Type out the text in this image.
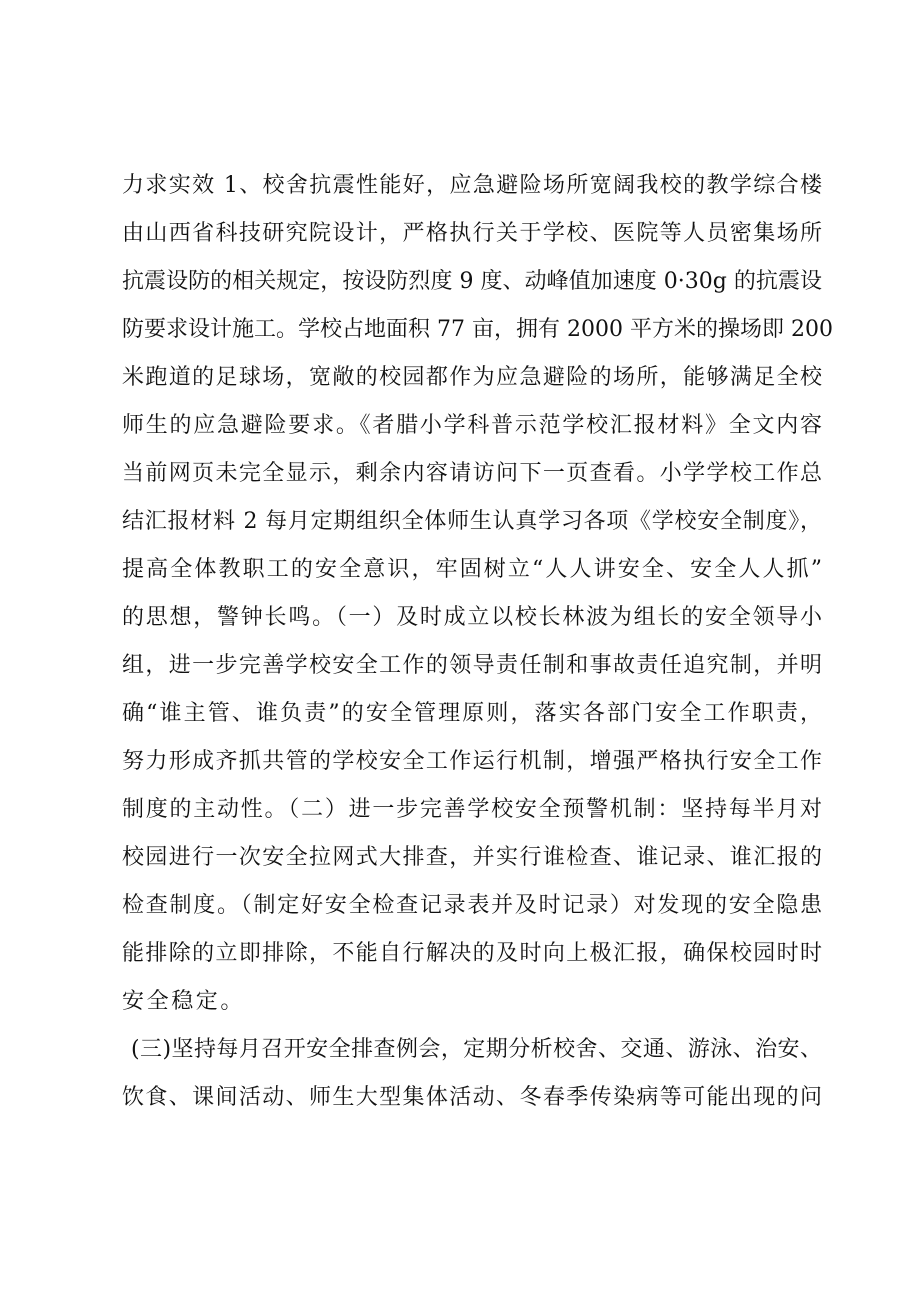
力求实效 1、校舍抗震性能好，应急避险场所宽阔我校的教学综合楼
由山西省科技研究院设计，严格执行关于学校、医院等人员密集场所
抗震设防的相关规定，按设防烈度 9 度、动峰值加速度 0·30g 的抗震设
防要求设计施工。学校占地面积 77 亩，拥有 2000 平方米的操场即 200
米跑道的足球场，宽敞的校园都作为应急避险的场所，能够满足全校
师生的应急避险要求。《者腊小学科普示范学校汇报材料》全文内容
当前网页未完全显示，剩余内容请访问下一页查看。小学学校工作总
结汇报材料 2 每月定期组织全体师生认真学习各项《学校安全制度》，
提高全体教职工的安全意识，牢固树立“人人讲安全、安全人人抓”
的思想，警钟长鸣。（一）及时成立以校长林波为组长的安全领导小
组，进一步完善学校安全工作的领导责任制和事故责任追究制，并明
确“谁主管、谁负责”的安全管理原则，落实各部门安全工作职责，
努力形成齐抓共管的学校安全工作运行机制，增强严格执行安全工作
制度的主动性。（二）进一步完善学校安全预警机制：坚持每半月对
校园进行一次安全拉网式大排查，并实行谁检查、谁记录、谁汇报的
检查制度。（制定好安全检查记录表并及时记录）对发现的安全隐患
能排除的立即排除，不能自行解决的及时向上极汇报，确保校园时时
安全稳定。
(三)坚持每月召开安全排查例会，定期分析校舍、交通、游泳、治安、
饮食、课间活动、师生大型集体活动、冬春季传染病等可能出现的问
